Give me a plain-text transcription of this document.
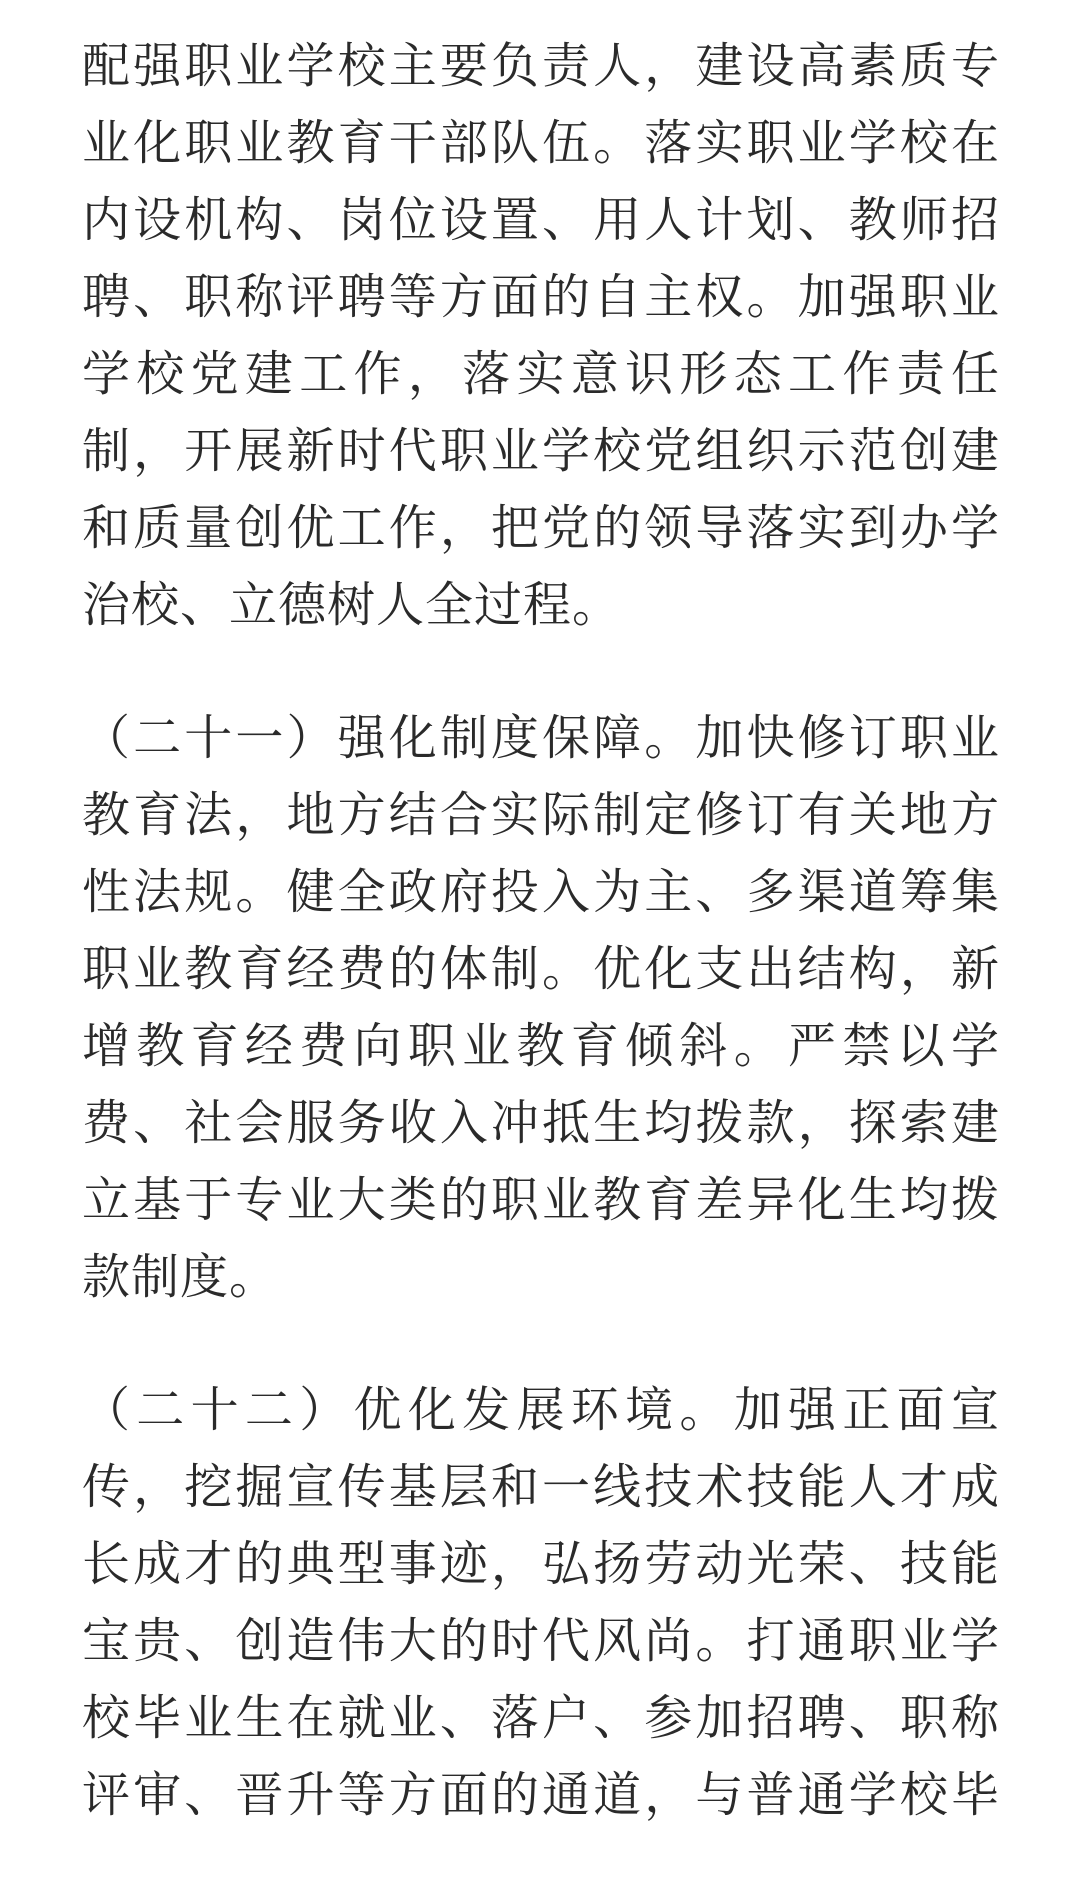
配强职业学校主要负责人，建设高素质专
业化职业教育干部队伍。落实职业学校在
内设机构、岗位设置、用人计划、教师招
聘、职称评聘等方面的自主权。加强职业
学校党建工作，落实意识形态工作责任
制，开展新时代职业学校党组织示范创建
和质量创优工作，把党的领导落实到办学
治校、立德树人全过程。
（二十一）强化制度保障。加快修订职业
教育法，地方结合实际制定修订有关地方
性法规。健全政府投入为主、多渠道筹集
职业教育经费的体制。优化支出结构，新
增教育经费向职业教育倾斜。严禁以学
费、社会服务收入冲抵生均拨款，探索建
立基于专业大类的职业教育差异化生均拨
款制度。
（二十二）优化发展环境。加强正面宣
传，挖掘宣传基层和一线技术技能人才成
长成才的典型事迹，弘扬劳动光荣、技能
宝贵、创造伟大的时代风尚。打通职业学
校毕业生在就业、落户、参加招聘、职称
评审、晋升等方面的通道，与普通学校毕
